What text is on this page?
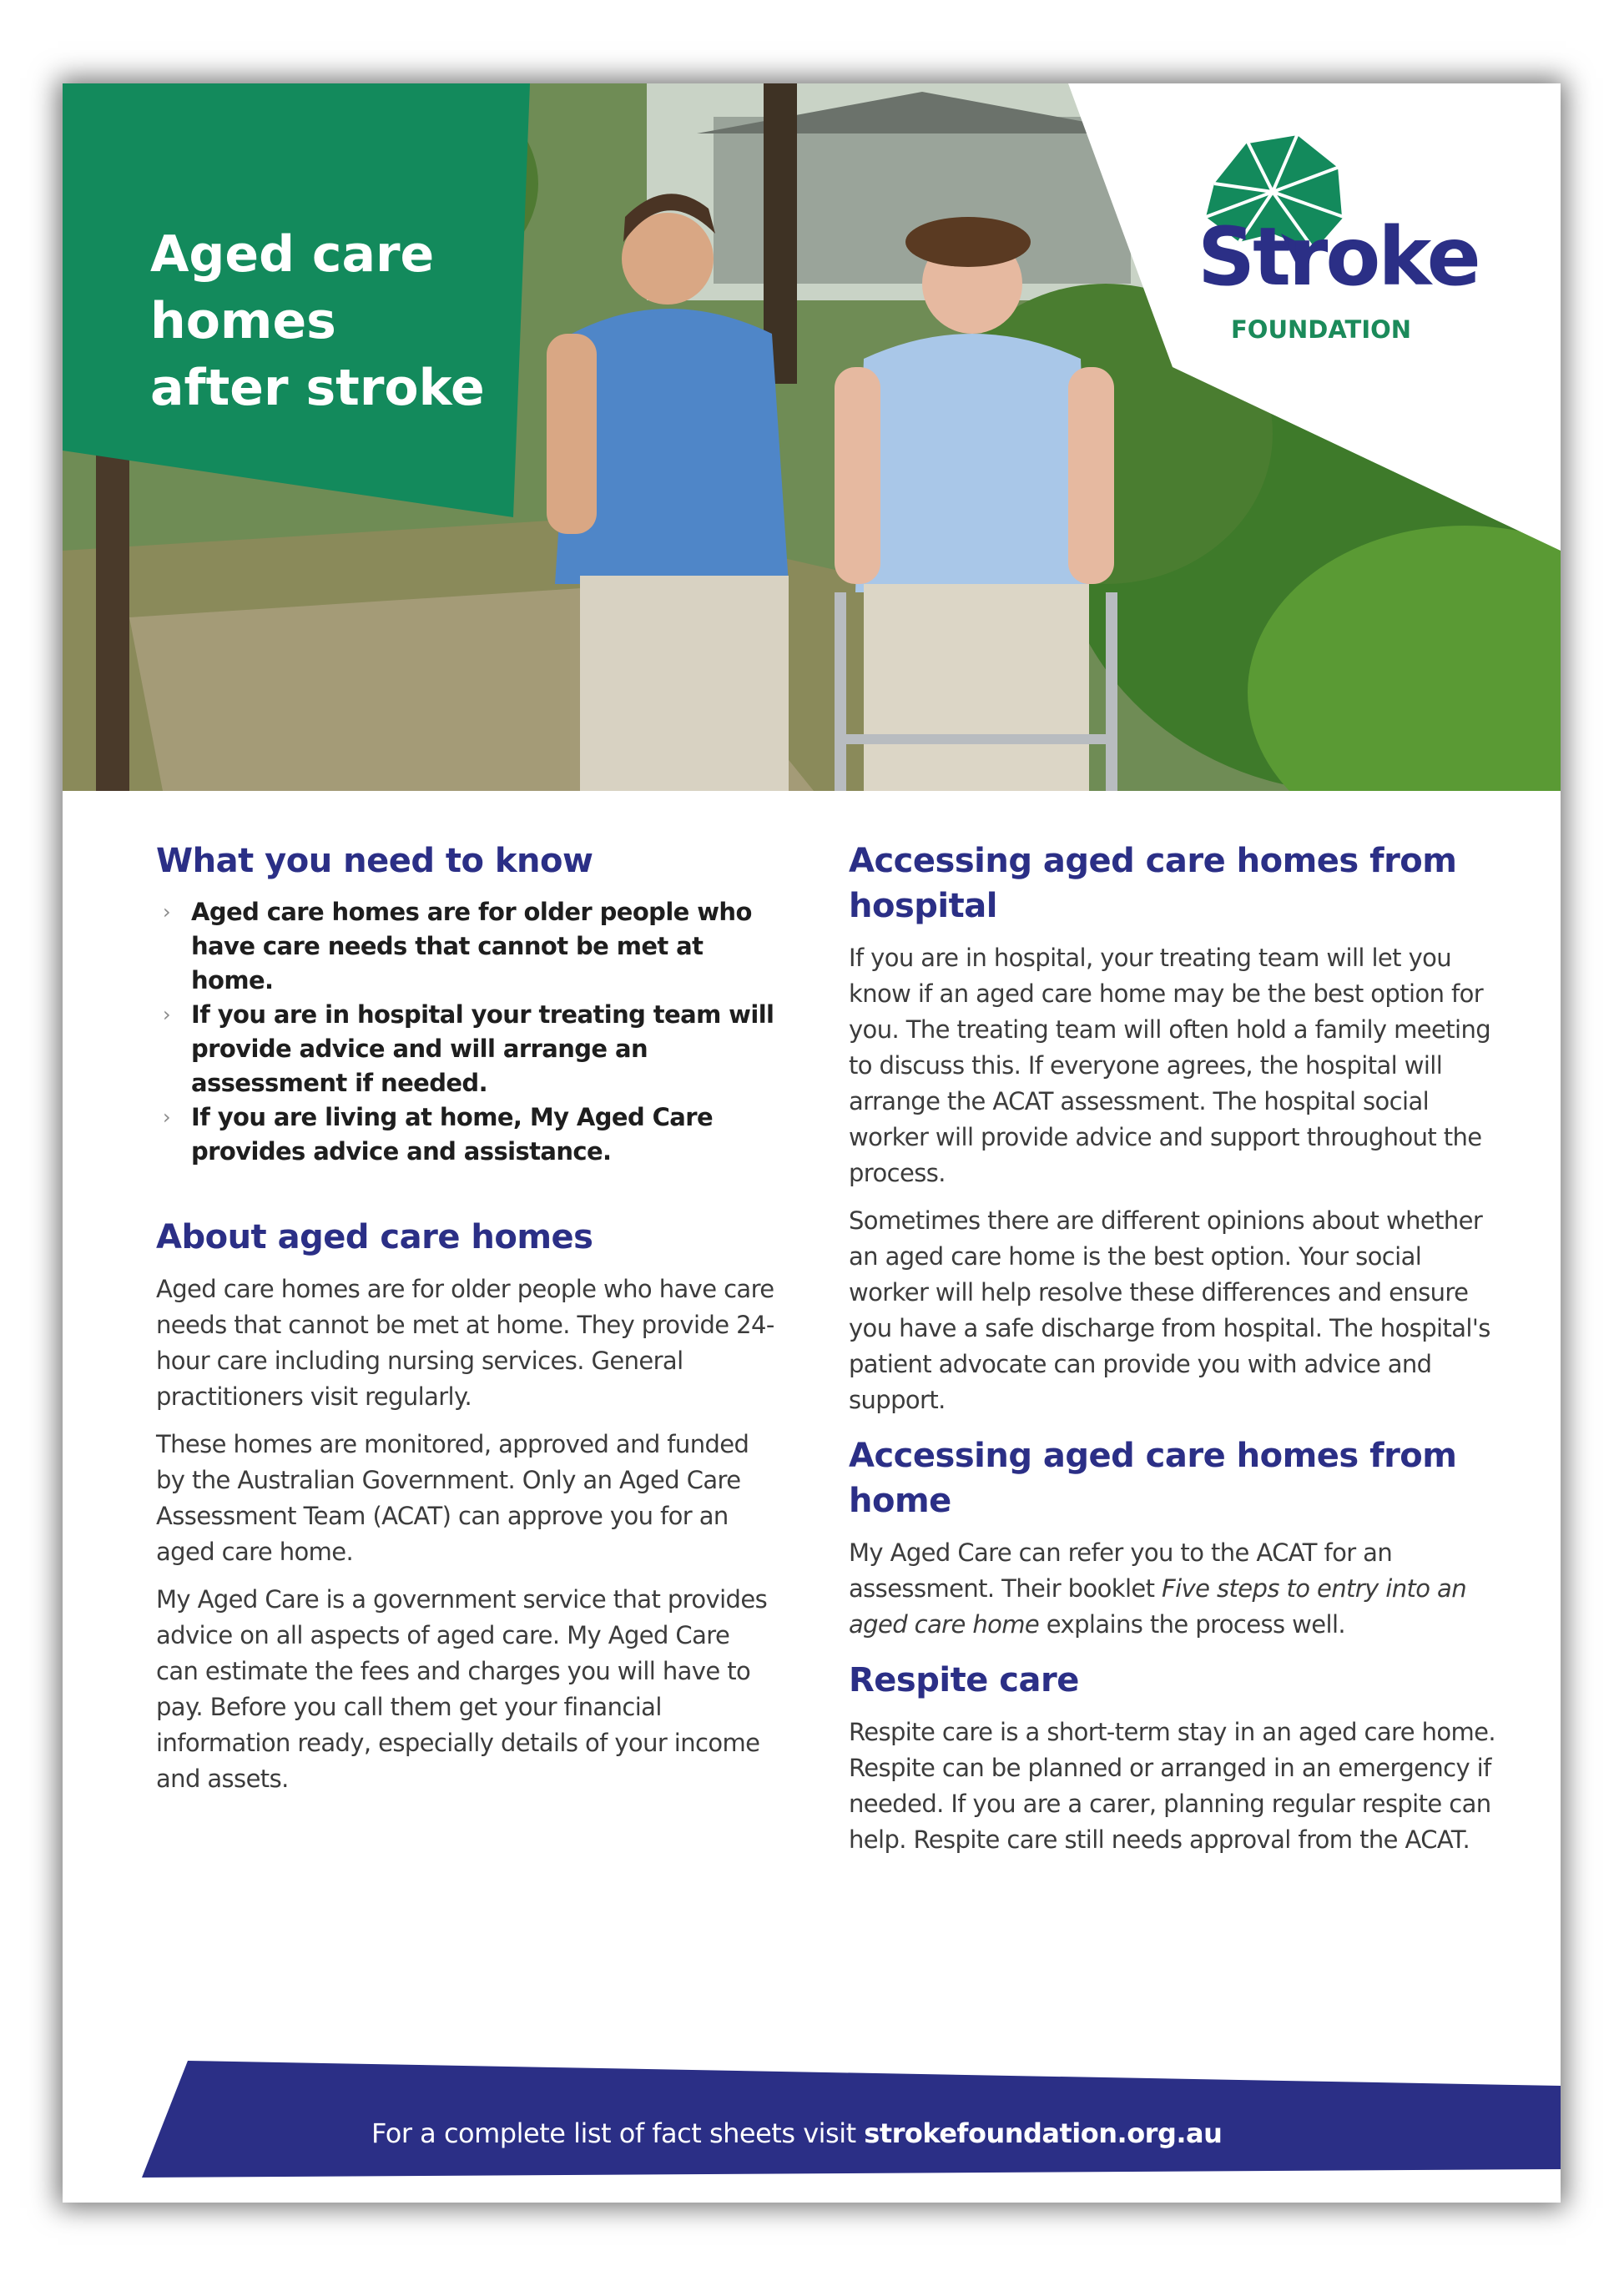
Aged care
homes
after stroke
Stroke
FOUNDATION
What you need to know
› Aged care homes are for older people who have care needs that cannot be met at home.
› If you are in hospital your treating team will provide advice and will arrange an assessment if needed.
› If you are living at home, My Aged Care provides advice and assistance.
About aged care homes

Aged care homes are for older people who have care needs that cannot be met at home. They provide 24-hour care including nursing services. General practitioners visit regularly.

These homes are monitored, approved and funded by the Australian Government. Only an Aged Care Assessment Team (ACAT) can approve you for an aged care home.

My Aged Care is a government service that provides advice on all aspects of aged care. My Aged Care can estimate the fees and charges you will have to pay. Before you call them get your financial information ready, especially details of your income and assets.

Accessing aged care homes from hospital

If you are in hospital, your treating team will let you know if an aged care home may be the best option for you. The treating team will often hold a family meeting to discuss this. If everyone agrees, the hospital will arrange the ACAT assessment. The hospital social worker will provide advice and support throughout the process.

Sometimes there are different opinions about whether an aged care home is the best option. Your social worker will help resolve these differences and ensure you have a safe discharge from hospital. The hospital's patient advocate can provide you with advice and support.

Accessing aged care homes from home

My Aged Care can refer you to the ACAT for an assessment. Their booklet Five steps to entry into an aged care home explains the process well.

Respite care

Respite care is a short-term stay in an aged care home. Respite can be planned or arranged in an emergency if needed. If you are a carer, planning regular respite can help. Respite care still needs approval from the ACAT.

For a complete list of fact sheets visit strokefoundation.org.au
